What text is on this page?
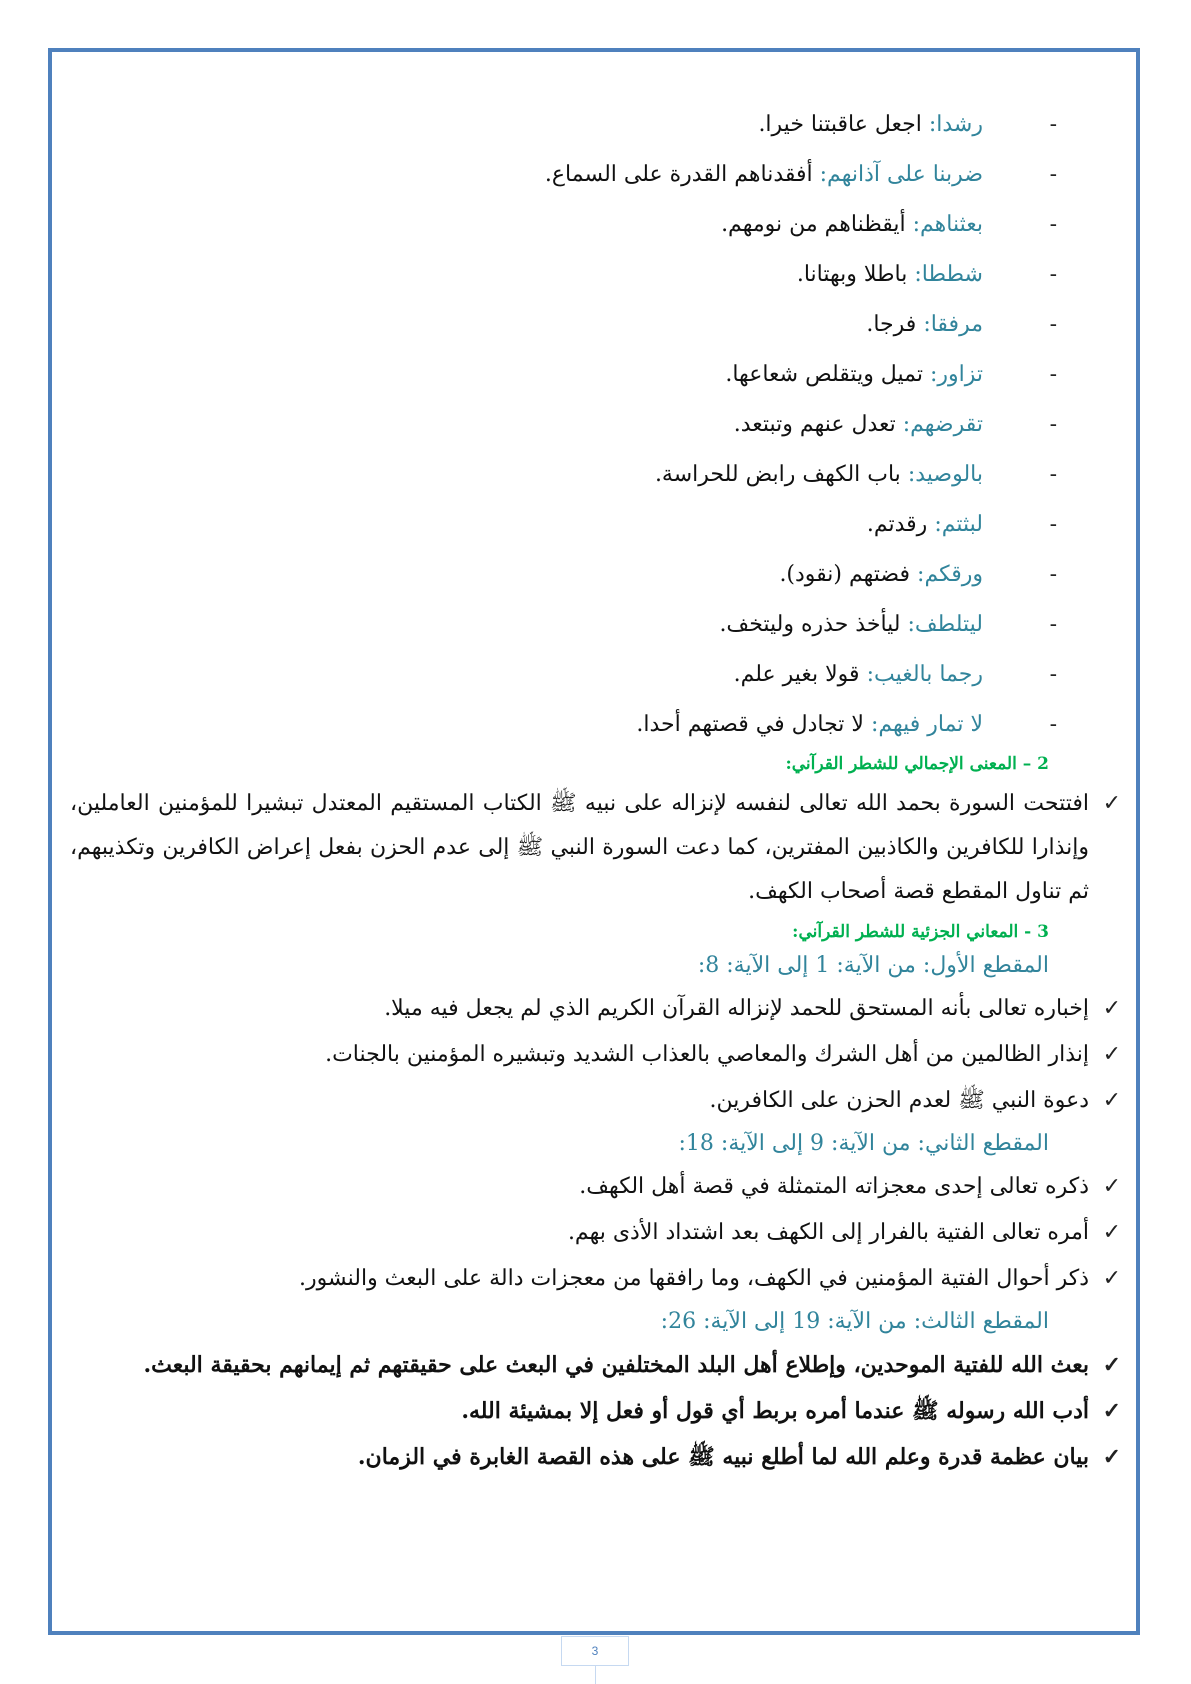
-
رشدا: اجعل عاقبتنا خيرا.
-
ضربنا على آذانهم: أفقدناهم القدرة على السماع.
-
بعثناهم: أيقظناهم من نومهم.
-
شططا: باطلا وبهتانا.
-
مرفقا: فرجا.
-
تزاور: تميل ويتقلص شعاعها.
-
تقرضهم: تعدل عنهم وتبتعد.
-
بالوصيد: باب الكهف رابض للحراسة.
-
لبثتم: رقدتم.
-
ورقكم: فضتهم (نقود).
-
ليتلطف: ليأخذ حذره وليتخف.
-
رجما بالغيب: قولا بغير علم.
-
لا تمار فيهم: لا تجادل في قصتهم أحدا.
2 – المعنى الإجمالي للشطر القرآني:
✓
افتتحت السورة بحمد الله تعالى لنفسه لإنزاله على نبيه ﷺ الكتاب المستقيم المعتدل تبشيرا للمؤمنين العاملين، وإنذارا للكافرين والكاذبين المفترين، كما دعت السورة النبي ﷺ إلى عدم الحزن بفعل إعراض الكافرين وتكذيبهم، ثم تناول المقطع قصة أصحاب الكهف.
3 - المعاني الجزئية للشطر القرآني:
المقطع الأول: من الآية: 1 إلى الآية: 8:
✓
إخباره تعالى بأنه المستحق للحمد لإنزاله القرآن الكريم الذي لم يجعل فيه ميلا.
✓
إنذار الظالمين من أهل الشرك والمعاصي بالعذاب الشديد وتبشيره المؤمنين بالجنات.
✓
دعوة النبي ﷺ لعدم الحزن على الكافرين.
المقطع الثاني: من الآية: 9 إلى الآية: 18:
✓
ذكره تعالى إحدى معجزاته المتمثلة في قصة أهل الكهف.
✓
أمره تعالى الفتية بالفرار إلى الكهف بعد اشتداد الأذى بهم.
✓
ذكر أحوال الفتية المؤمنين في الكهف، وما رافقها من معجزات دالة على البعث والنشور.
المقطع الثالث: من الآية: 19 إلى الآية: 26:
✓
بعث الله للفتية الموحدين، وإطلاع أهل البلد المختلفين في البعث على حقيقتهم ثم إيمانهم بحقيقة البعث.
✓
أدب الله رسوله ﷺ عندما أمره بربط أي قول أو فعل إلا بمشيئة الله.
✓
بيان عظمة قدرة وعلم الله لما أطلع نبيه ﷺ على هذه القصة الغابرة في الزمان.
3
